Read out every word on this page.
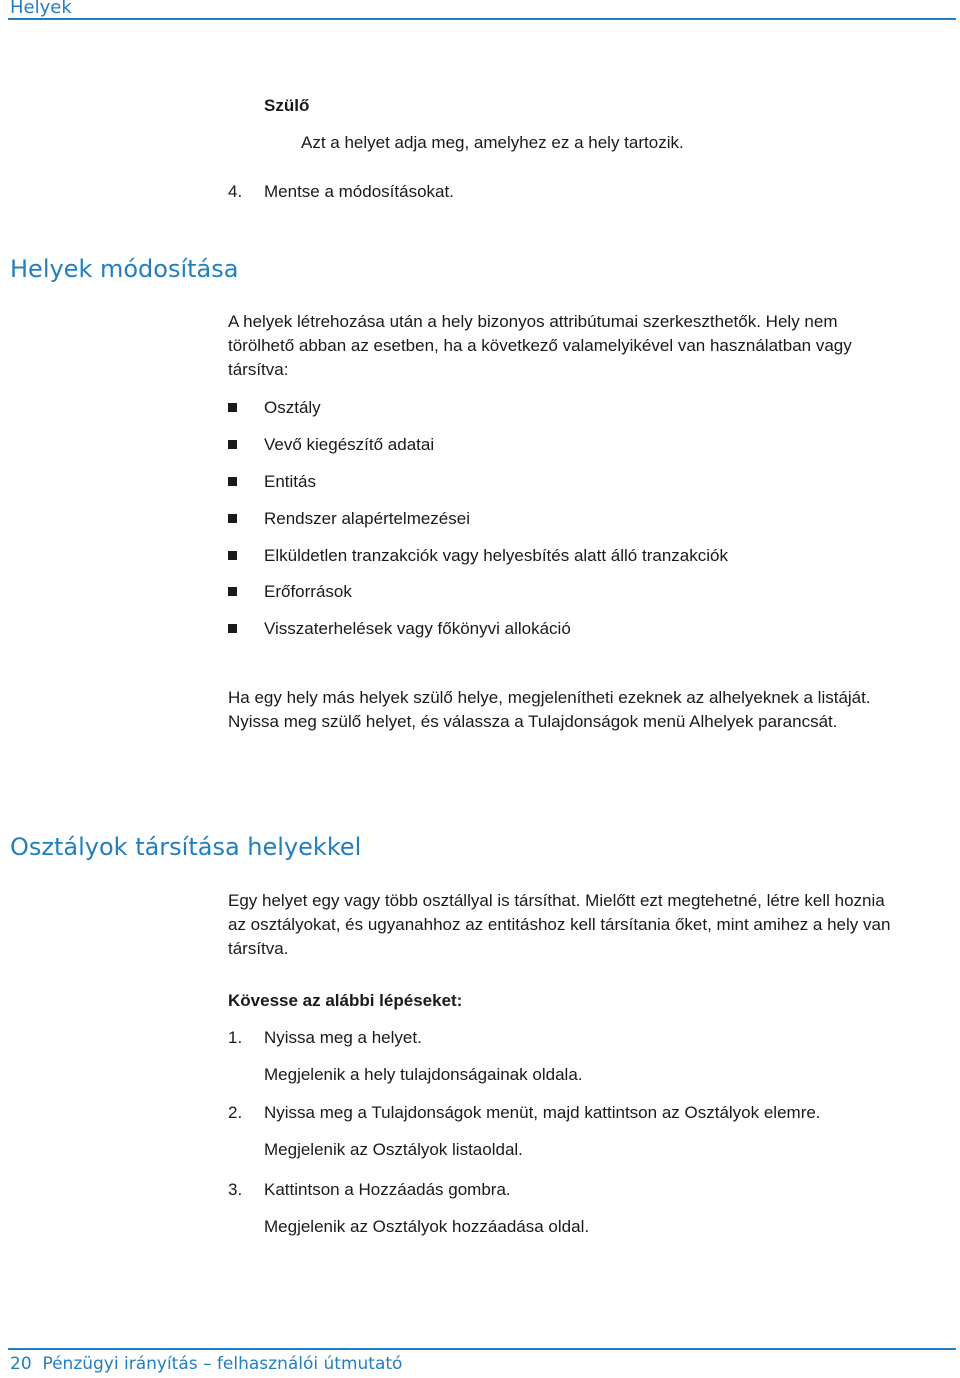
Helyek
Szülő
Azt a helyet adja meg, amelyhez ez a hely tartozik.
4. Mentse a módosításokat.
Helyek módosítása
A helyek létrehozása után a hely bizonyos attribútumai szerkeszthetők. Hely nem
törölhető abban az esetben, ha a következő valamelyikével van használatban vagy
társítva:
Osztály
Vevő kiegészítő adatai
Entitás
Rendszer alapértelmezései
Elküldetlen tranzakciók vagy helyesbítés alatt álló tranzakciók
Erőforrások
Visszaterhelések vagy főkönyvi allokáció
Ha egy hely más helyek szülő helye, megjelenítheti ezeknek az alhelyeknek a listáját.
Nyissa meg szülő helyet, és válassza a Tulajdonságok menü Alhelyek parancsát.
Osztályok társítása helyekkel
Egy helyet egy vagy több osztállyal is társíthat. Mielőtt ezt megtehetné, létre kell hoznia
az osztályokat, és ugyanahhoz az entitáshoz kell társítania őket, mint amihez a hely van
társítva.
Kövesse az alábbi lépéseket:
1. Nyissa meg a helyet.
Megjelenik a hely tulajdonságainak oldala.
2. Nyissa meg a Tulajdonságok menüt, majd kattintson az Osztályok elemre.
Megjelenik az Osztályok listaoldal.
3. Kattintson a Hozzáadás gombra.
Megjelenik az Osztályok hozzáadása oldal.
20  Pénzügyi irányítás – felhasználói útmutató
